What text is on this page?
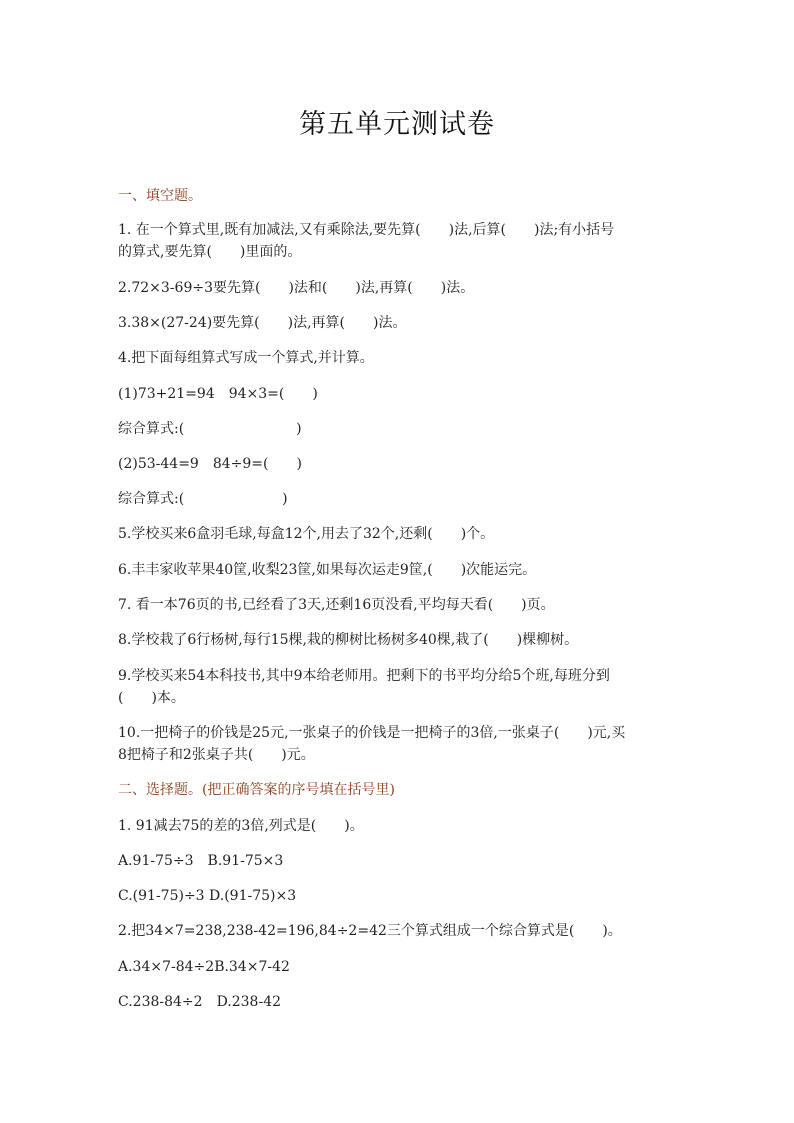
第五单元测试卷
一、填空题。
1. 在一个算式里,既有加减法,又有乘除法,要先算(　　)法,后算(　　)法;有小括号
的算式,要先算(　　)里面的。
2.72×3-69÷3要先算(　　)法和(　　)法,再算(　　)法。
3.38×(27-24)要先算(　　)法,再算(　　)法。
4.把下面每组算式写成一个算式,并计算。
(1)73+21=94　94×3=(　　)
综合算式:(　　　　　　　　)
(2)53-44=9　84÷9=(　　)
综合算式:(　　　　　　　)
5.学校买来6盒羽毛球,每盒12个,用去了32个,还剩(　　)个。
6.丰丰家收苹果40筐,收梨23筐,如果每次运走9筐,(　　)次能运完。
7. 看一本76页的书,已经看了3天,还剩16页没看,平均每天看(　　)页。
8.学校栽了6行杨树,每行15棵,栽的柳树比杨树多40棵,栽了(　　)棵柳树。
9.学校买来54本科技书,其中9本给老师用。把剩下的书平均分给5个班,每班分到
(　　)本。
10.一把椅子的价钱是25元,一张桌子的价钱是一把椅子的3倍,一张桌子(　　)元,买
8把椅子和2张桌子共(　　)元。
二、选择题。(把正确答案的序号填在括号里)
1. 91减去75的差的3倍,列式是(　　)。
A.91-75÷3　B.91-75×3
C.(91-75)÷3 D.(91-75)×3
2.把34×7=238,238-42=196,84÷2=42三个算式组成一个综合算式是(　　)。
A.34×7-84÷2B.34×7-42
C.238-84÷2　D.238-42
